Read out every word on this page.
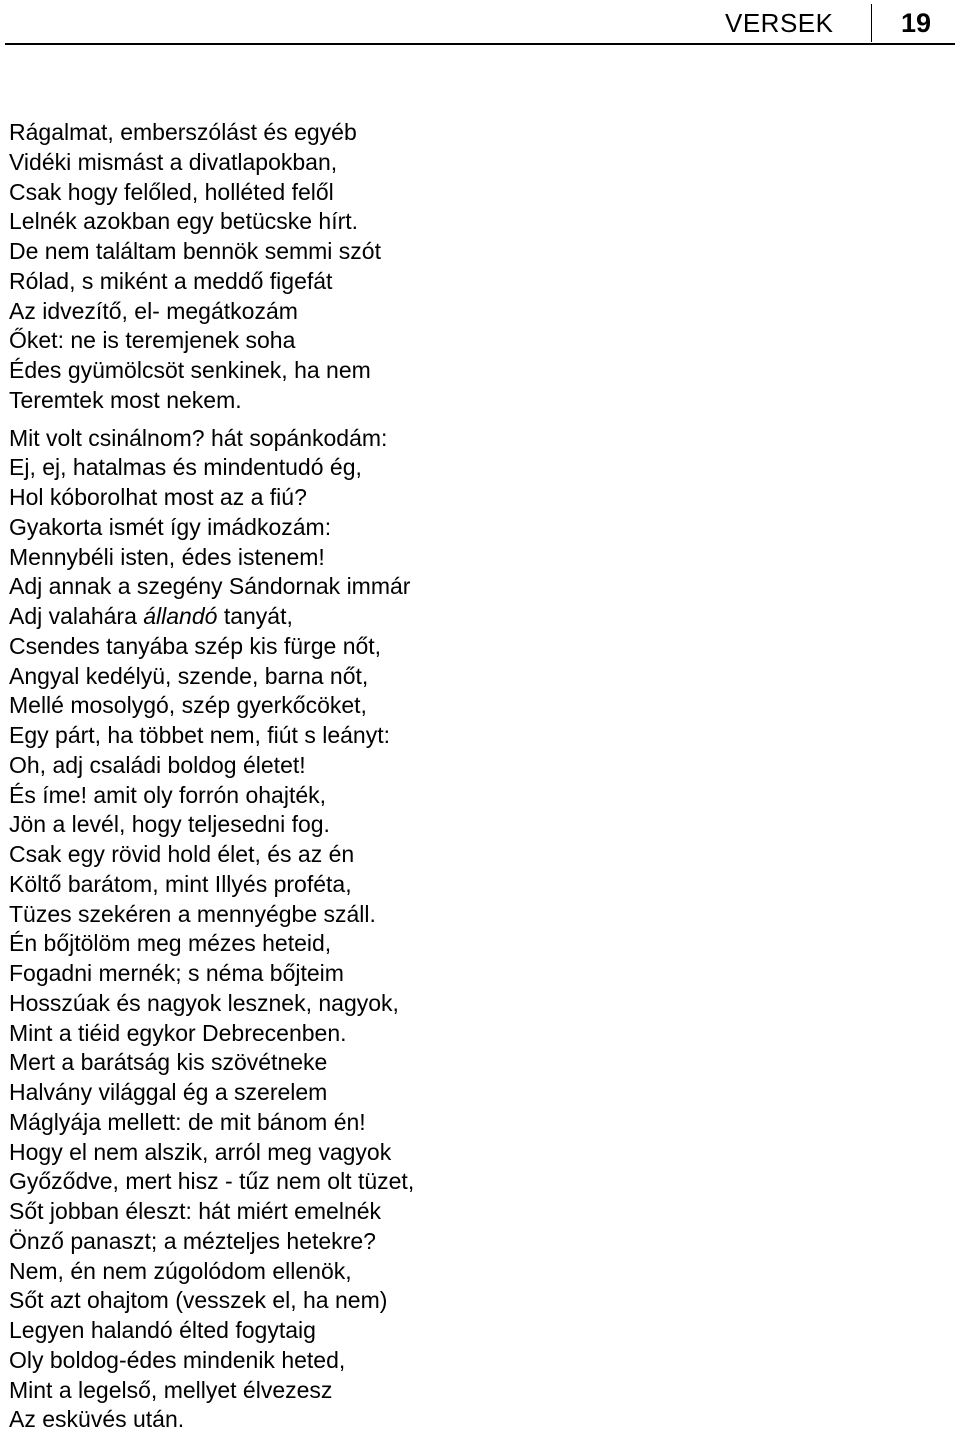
VERSEK	19
Rágalmat, emberszólást és egyéb
Vidéki mismást a divatlapokban,
Csak hogy felőled, holléted felől
Lelnék azokban egy betücske hírt.
De nem találtam bennök semmi szót
Rólad, s miként a meddő figefát
Az idvezítő, el- megátkozám
Őket: ne is teremjenek soha
Édes gyümölcsöt senkinek, ha nem
Teremtek most nekem.
Mit volt csinálnom? hát sopánkodám:
Ej, ej, hatalmas és mindentudó ég,
Hol kóborolhat most az a fiú?
Gyakorta ismét így imádkozám:
Mennybéli isten, édes istenem!
Adj annak a szegény Sándornak immár
Adj valahára állandó tanyát,
Csendes tanyába szép kis fürge nőt,
Angyal kedélyü, szende, barna nőt,
Mellé mosolygó, szép gyerkőcöket,
Egy párt, ha többet nem, fiút s leányt:
Oh, adj családi boldog életet!
És íme! amit oly forrón ohajték,
Jön a levél, hogy teljesedni fog.
Csak egy rövid hold élet, és az én
Költő barátom, mint Illyés proféta,
Tüzes szekéren a mennyégbe száll.
Én bőjtölöm meg mézes heteid,
Fogadni mernék; s néma bőjteim
Hosszúak és nagyok lesznek, nagyok,
Mint a tiéid egykor Debrecenben.
Mert a barátság kis szövétneke
Halvány világgal ég a szerelem
Máglyája mellett: de mit bánom én!
Hogy el nem alszik, arról meg vagyok
Győződve, mert hisz - tűz nem olt tüzet,
Sőt jobban éleszt: hát miért emelnék
Önző panaszt; a mézteljes hetekre?
Nem, én nem zúgolódom ellenök,
Sőt azt ohajtom (vesszek el, ha nem)
Legyen halandó élted fogytaig
Oly boldog-édes mindenik heted,
Mint a legelső, mellyet élvezesz
Az esküvés után.
